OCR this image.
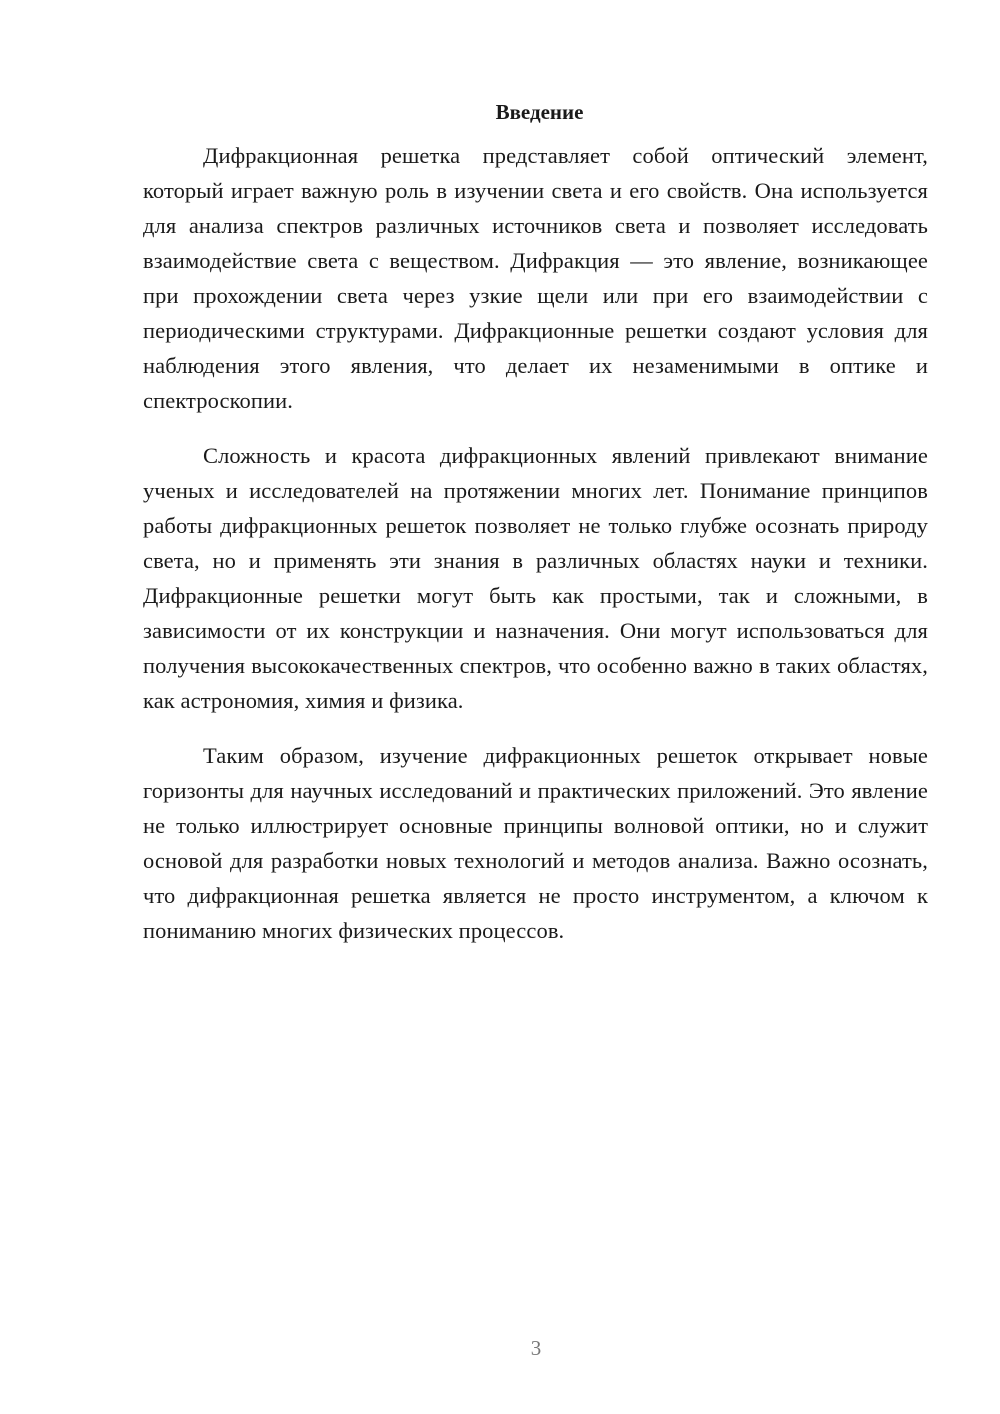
Введение

Дифракционная решетка представляет собой оптический элемент, который играет важную роль в изучении света и его свойств. Она используется для анализа спектров различных источников света и позволяет исследовать взаимодействие света с веществом. Дифракция — это явление, возникающее при прохождении света через узкие щели или при его взаимодействии с периодическими структурами. Дифракционные решетки создают условия для наблюдения этого явления, что делает их незаменимыми в оптике и спектроскопии.

Сложность и красота дифракционных явлений привлекают внимание ученых и исследователей на протяжении многих лет. Понимание принципов работы дифракционных решеток позволяет не только глубже осознать природу света, но и применять эти знания в различных областях науки и техники. Дифракционные решетки могут быть как простыми, так и сложными, в зависимости от их конструкции и назначения. Они могут использоваться для получения высококачественных спектров, что особенно важно в таких областях, как астрономия, химия и физика.

Таким образом, изучение дифракционных решеток открывает новые горизонты для научных исследований и практических приложений. Это явление не только иллюстрирует основные принципы волновой оптики, но и служит основой для разработки новых технологий и методов анализа. Важно осознать, что дифракционная решетка является не просто инструментом, а ключом к пониманию многих физических процессов.

3
